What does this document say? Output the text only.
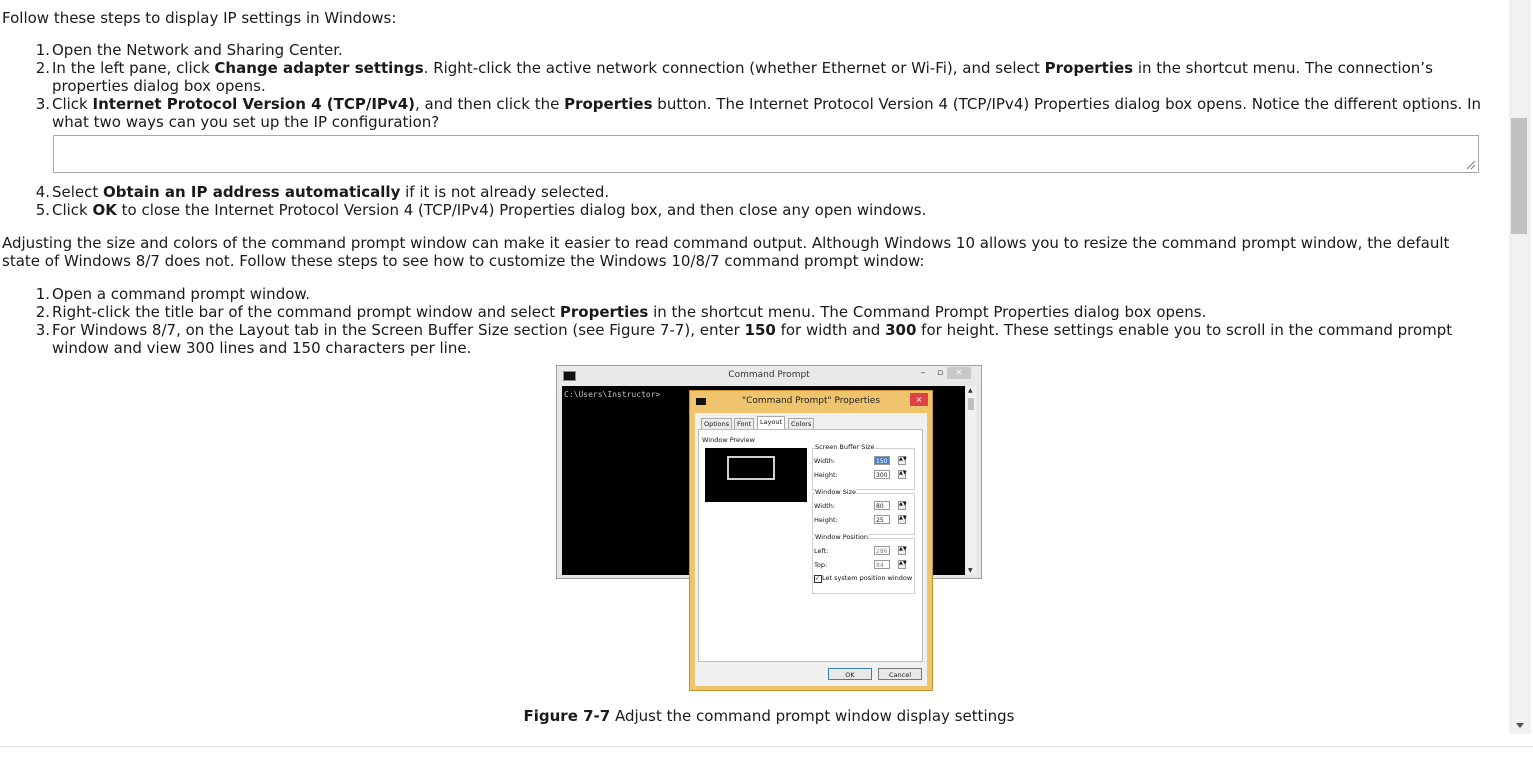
Follow these steps to display IP settings in Windows:
1. Open the Network and Sharing Center.
2. In the left pane, click Change adapter settings. Right-click the active network connection (whether Ethernet or Wi-Fi), and select Properties in the shortcut menu. The connection’s properties dialog box opens.
3. Click Internet Protocol Version 4 (TCP/IPv4), and then click the Properties button. The Internet Protocol Version 4 (TCP/IPv4) Properties dialog box opens. Notice the different options. In what two ways can you set up the IP configuration?
4. Select Obtain an IP address automatically if it is not already selected.
5. Click OK to close the Internet Protocol Version 4 (TCP/IPv4) Properties dialog box, and then close any open windows.
Adjusting the size and colors of the command prompt window can make it easier to read command output. Although Windows 10 allows you to resize the command prompt window, the default state of Windows 8/7 does not. Follow these steps to see how to customize the Windows 10/8/7 command prompt window:
1. Open a command prompt window.
2. Right-click the title bar of the command prompt window and select Properties in the shortcut menu. The Command Prompt Properties dialog box opens.
3. For Windows 8/7, on the Layout tab in the Screen Buffer Size section (see Figure 7-7), enter 150 for width and 300 for height. These settings enable you to scroll in the command prompt window and view 300 lines and 150 characters per line.
Command Prompt	– ▫	×
C:\Users\Instructor>	▲
▼
"Command Prompt" Properties	×
Options	Font	Layout	Colors
Window Preview
Screen Buffer Size
Width:	150	▲▼
Height:	300	▲▼
Window Size
Width:	80	▲▼
Height:	25	▲▼
Window Position
Left:	286	▲▼
Top:	84	▲▼
✓ Let system position window
OK	Cancel
Figure 7-7 Adjust the command prompt window display settings
